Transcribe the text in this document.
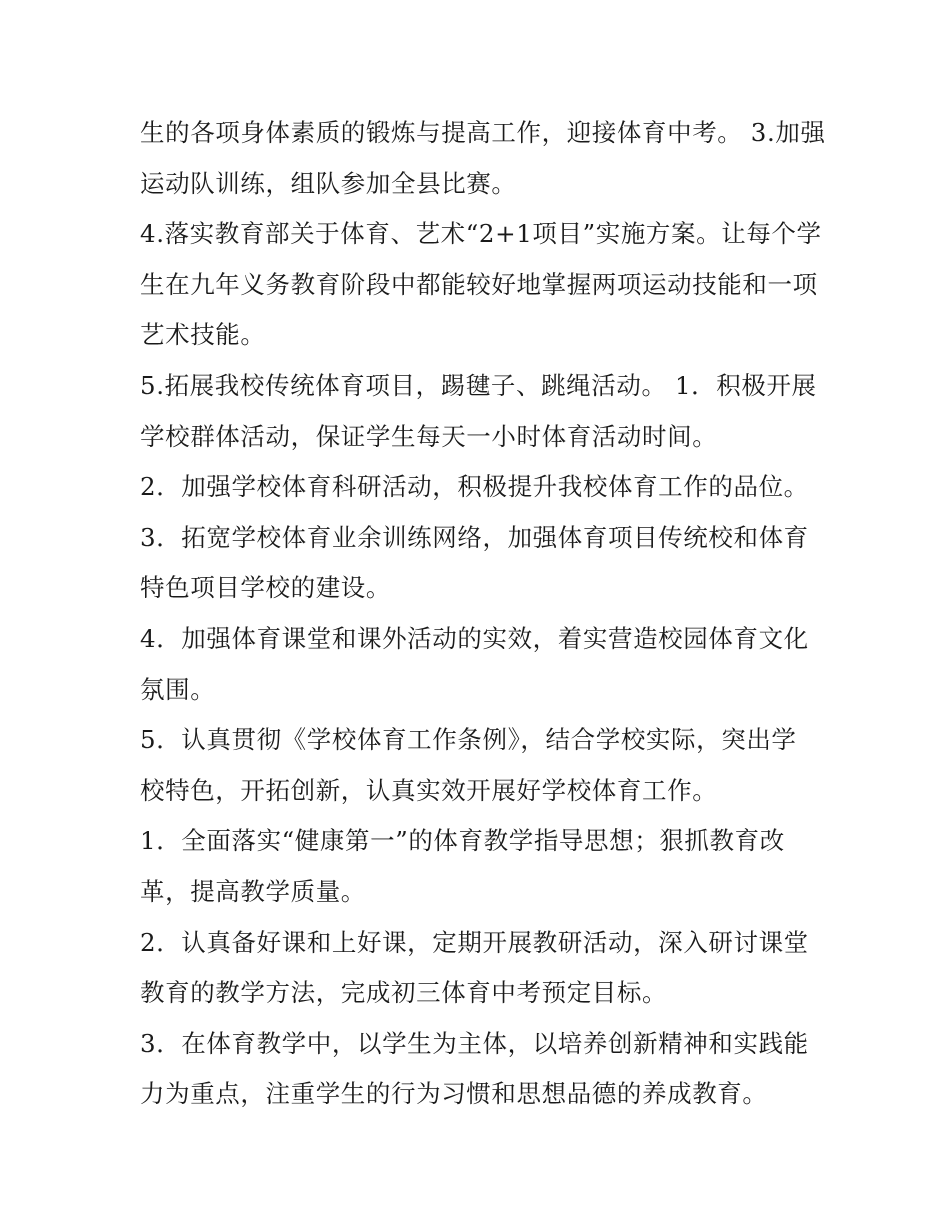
生的各项身体素质的锻炼与提高工作，迎接体育中考。 3.加强
运动队训练，组队参加全县比赛。
4.落实教育部关于体育、艺术“2+1项目”实施方案。让每个学
生在九年义务教育阶段中都能较好地掌握两项运动技能和一项
艺术技能。
5.拓展我校传统体育项目，踢毽子、跳绳活动。 1．积极开展
学校群体活动，保证学生每天一小时体育活动时间。
2．加强学校体育科研活动，积极提升我校体育工作的品位。
3．拓宽学校体育业余训练网络，加强体育项目传统校和体育
特色项目学校的建设。
4．加强体育课堂和课外活动的实效，着实营造校园体育文化
氛围。
5．认真贯彻《学校体育工作条例》，结合学校实际，突出学
校特色，开拓创新，认真实效开展好学校体育工作。
1．全面落实“健康第一”的体育教学指导思想；狠抓教育改
革，提高教学质量。
2．认真备好课和上好课，定期开展教研活动，深入研讨课堂
教育的教学方法，完成初三体育中考预定目标。
3．在体育教学中，以学生为主体，以培养创新精神和实践能
力为重点，注重学生的行为习惯和思想品德的养成教育。
